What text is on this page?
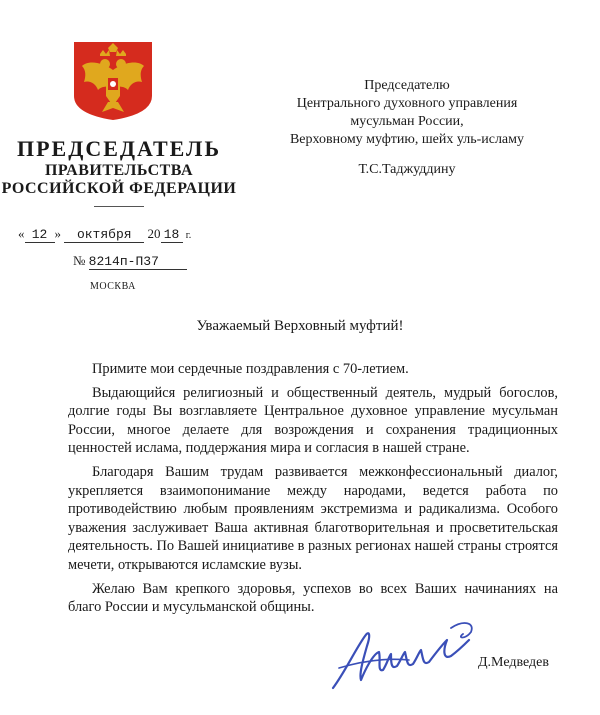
ПРЕДСЕДАТЕЛЬ
ПРАВИТЕЛЬСТВА
РОССИЙСКОЙ ФЕДЕРАЦИИ
« 12 » октября 20 18 г.
№ 8214п-П37
МОСКВА
Председателю
Центрального духовного управления
мусульман России,
Верховному муфтию, шейх уль-исламу
Т.С.Таджуддину
Уважаемый Верховный муфтий!

Примите мои сердечные поздравления с 70-летием.

Выдающийся религиозный и общественный деятель, мудрый богослов, долгие годы Вы возглавляете Центральное духовное управление мусульман России, многое делаете для возрождения и сохранения традиционных ценностей ислама, поддержания мира и согласия в нашей стране.

Благодаря Вашим трудам развивается межконфессиональный диалог, укрепляется взаимопонимание между народами, ведется работа по противодействию любым проявлениям экстремизма и радикализма. Особого уважения заслуживает Ваша активная благотворительная и просветительская деятельность. По Вашей инициативе в разных регионах нашей страны строятся мечети, открываются исламские вузы.

Желаю Вам крепкого здоровья, успехов во всех Ваших начинаниях на благо России и мусульманской общины.

Д.Медведев
